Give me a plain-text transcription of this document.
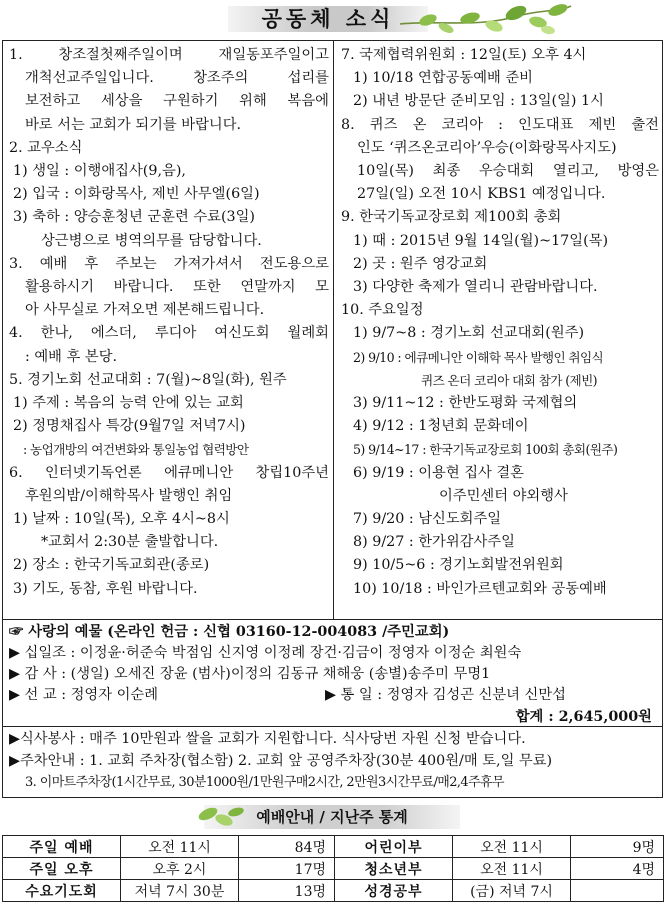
공동체 소식
1. 창조절첫째주일이며 재일동포주일이고
개척선교주일입니다. 창조주의 섭리를
보전하고 세상을 구원하기 위해 복음에
바로 서는 교회가 되기를 바랍니다.
2. 교우소식
1) 생일 : 이행애집사(9,음),
2) 입국 : 이화랑목사, 제빈 사무엘(6일)
3) 축하 : 양승훈청년 군훈련 수료(3일)
상근병으로 병역의무를 담당합니다.
3. 예배 후 주보는 가져가셔서 전도용으로
활용하시기 바랍니다. 또한 연말까지 모
아 사무실로 가져오면 제본해드립니다.
4. 한나, 에스더, 루디아 여신도회 월례회
: 예배 후 본당.
5. 경기노회 선교대회 : 7(월)~8일(화), 원주
1) 주제 : 복음의 능력 안에 있는 교회
2) 정명채집사 특강(9월7일 저녁7시)
: 농업개방의 여건변화와 통일농업 협력방안
6. 인터넷기독언론 에큐메니안 창립10주년
후원의밤/이해학목사 발행인 취임
1) 날짜 : 10일(목), 오후 4시~8시
*교회서 2:30분 출발합니다.
2) 장소 : 한국기독교회관(종로)
3) 기도, 동참, 후원 바랍니다.
7. 국제협력위원회 : 12일(토) 오후 4시
1) 10/18 연합공동예배 준비
2) 내년 방문단 준비모임 : 13일(일) 1시
8. 퀴즈 온 코리아 : 인도대표 제빈 출전
인도 ‘퀴즈온코리아’우승(이화랑목사지도)
10일(목) 최종 우승대회 열리고, 방영은
27일(일) 오전 10시 KBS1 예정입니다.
9. 한국기독교장로회 제100회 총회
1) 때 : 2015년 9월 14일(월)~17일(목)
2) 곳 : 원주 영강교회
3) 다양한 축제가 열리니 관람바랍니다.
10. 주요일정
1) 9/7~8 : 경기노회 선교대회(원주)
2) 9/10 : 에큐메니안 이해학 목사 발행인 취임식
퀴즈 온더 코리아 대회 참가 (제빈)
3) 9/11~12 : 한반도평화 국제협의
4) 9/12 : 1청년회 문화데이
5) 9/14~17 : 한국기독교장로회 100회 총회(원주)
6) 9/19 : 이용현 집사 결혼
이주민센터 야외행사
7) 9/20 : 남신도회주일
8) 9/27 : 한가위감사주일
9) 10/5~6 : 경기노회발전위원회
10) 10/18 : 바인가르텐교회와 공동예배
☞ 사랑의 예물 (온라인 헌금 : 신협 03160-12-004083 /주민교회)
▶ 십일조 : 이정윤·허준숙 박점임 신지영 이정례 장건·김금이 정영자 이정순 최원숙
▶ 감 사 : (생일) 오세진 장윤 (범사)이정의 김동규 채해웅 (송별)송주미 무명1
▶ 선 교 : 정영자 이순례	▶ 통 일 : 정영자 김성곤 신분녀 신만섭
합계 : 2,645,000원
▶식사봉사 : 매주 10만원과 쌀을 교회가 지원합니다. 식사당번 자원 신청 받습니다.
▶주차안내 : 1. 교회 주차장(협소함) 2. 교회 앞 공영주차장(30분 400원/매 토,일 무료)
3. 이마트주차장(1시간무료, 30분1000원/1만원구매2시간, 2만원3시간무료/매2,4주휴무
예배안내 / 지난주 통계
주일 예배	오전 11시	84명	어린이부	오전 11시	9명
주일 오후	오후 2시	17명	청소년부	오전 11시	4명
수요기도회	저녁 7시 30분	13명	성경공부	(금) 저녁 7시	
